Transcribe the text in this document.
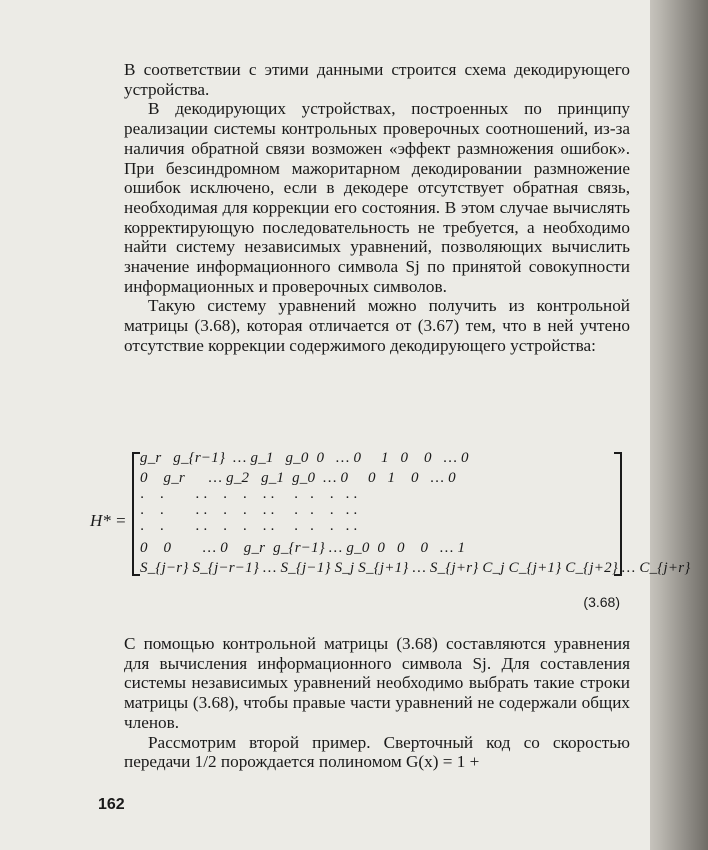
В соответствии с этими данными строится схема декодирующего устройства.

В декодирующих устройствах, построенных по принципу реализации системы контрольных проверочных соотношений, из-за наличия обратной связи возможен «эффект размножения ошибок». При безсиндромном мажоритарном декодировании размножение ошибок исключено, если в декодере отсутствует обратная связь, необходимая для коррекции его состояния. В этом случае вычислять корректирующую последовательность не требуется, а необходимо найти систему независимых уравнений, позволяющих вычислить значение информационного символа Sj по принятой совокупности информационных и проверочных символов.

Такую систему уравнений можно получить из контрольной матрицы (3.68), которая отличается от (3.67) тем, что в ней учтено отсутствие коррекции содержимого декодирующего устройства:

H* =
g_r   g_{r−1}  … g_1   g_0  0   … 0     1   0    0   … 0
0    g_r      … g_2   g_1  g_0  … 0     0   1    0   … 0
·    ·        · ·    ·    ·    · ·     ·   ·    ·   · ·
·    ·        · ·    ·    ·    · ·     ·   ·    ·   · ·
·    ·        · ·    ·    ·    · ·     ·   ·    ·   · ·
0    0        … 0    g_r  g_{r−1} … g_0  0   0    0   … 1
S_{j−r} S_{j−r−1} … S_{j−1} S_j S_{j+1} … S_{j+r} C_j C_{j+1} C_{j+2} … C_{j+r}
(3.68)

С помощью контрольной матрицы (3.68) составляются уравнения для вычисления информационного символа Sj. Для составления системы независимых уравнений необходимо выбрать такие строки матрицы (3.68), чтобы правые части уравнений не содержали общих членов.

Рассмотрим второй пример. Сверточный код со скоростью передачи 1/2 порождается полиномом G(x) = 1 +

162
